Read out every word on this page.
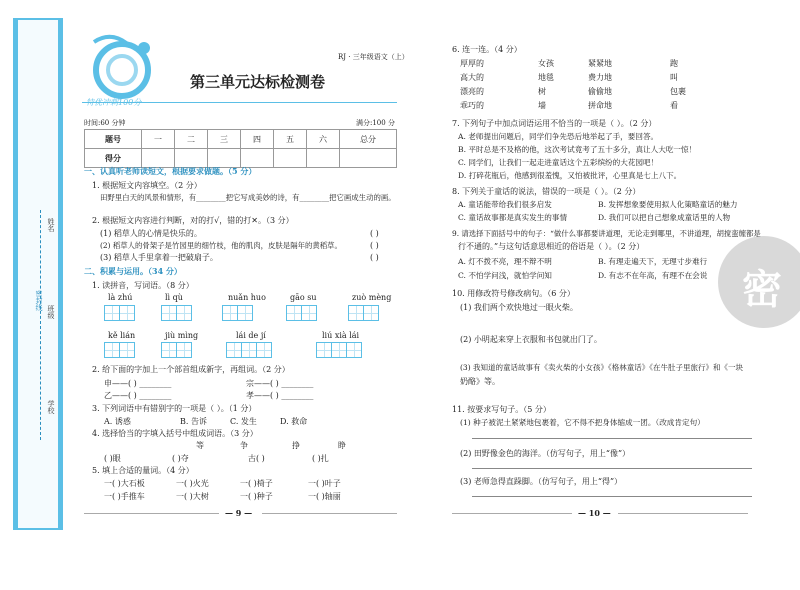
姓名
班级
学校
密封线
RJ · 三年级语文（上）
第三单元达标检测卷
特优冲刺100分
时间:60 分钟	满分:100 分
题号	一	二	三	四	五	六	总分
得分							
一、认真听老师读短文，根据要求做题。（5 分）
1. 根据短文内容填空。（2 分）
田野里白天的风景和情形，有________把它写成美妙的诗，有________把它画成生动的画。
2. 根据短文内容进行判断，对的打√，错的打✕。（3 分）
(1) 稻草人的心情是快乐的。
(2) 稻草人的骨架子是竹园里的细竹枝，他的肌肉，皮肤是隔年的黄稻草。
(3) 稻草人手里拿着一把破扇子。
( )
( )
( )
二、积累与运用。（34 分）
1. 读拼音，写词语。（8 分）
là zhú	lì qù	nuǎn huo	gāo su	zuò mèng
kě lián	jiù mìng	lái de jí	liú xià lái
2. 给下面的字加上一个部首组成新字，再组词。（2 分）
申——( ) ________	宗——( ) ________
乙——( ) ________	孝——( ) ________
3. 下列词语中有错别字的一项是（ ）。（1 分）
A. 诱惑	B. 告诉	C. 发生	D. 救命
4. 选择恰当的字填入括号中组成词语。（3 分）
等	争	挣	睁
( )眼	( )夺	古( )	( )扎
5. 填上合适的量词。（4 分）
一( )大石板	一( )火光	一( )椅子	一( )叶子
一( )手推车	一( )大树	一( )种子	一( )轴丽
— 9 —
6. 连一连。（4 分）
厚厚的	女孩	紧紧地	跑
高大的	地毯	费力地	叫
漂亮的	树	偷偷地	包裹
乖巧的	墙	拼命地	看
7. 下列句子中加点词语运用不恰当的一项是（ ）。（2 分）
A. 老师提出问题后，同学们争先恐后地举起了手，要回答。
B. 平时总是不及格的他，这次考试竟考了五十多分，真让人大吃一惊！
C. 同学们，让我们一起走进童话这个五彩缤纷的大花园吧！
D. 打碎花瓶后，他感到很羞愧，又怕被批评，心里真是七上八下。
8. 下列关于童话的说法，错误的一项是（ ）。（2 分）
A. 童话能带给我们很多启发	B. 发挥想象要使用拟人化策略童话的魅力
C. 童话故事都是真实发生的事情	D. 我们可以把自己想象成童话里的人物
9. 请选择下面括号中的句子：“做什么事都要讲道理，无论走到哪里，不讲道理，胡搅蛮缠都是
行不通的。”与这句话意思相近的俗语是（ ）。（2 分）
A. 灯不拨不亮，理不辩不明	B. 有理走遍天下，无理寸步难行
C. 不怕学问浅，就怕学问知	D. 有志不在年高，有理不在会说
10. 用修改符号修改病句。（6 分）
(1) 我们两个欢快地过一眼火柴。
(2) 小明起来穿上衣服和书包就出门了。
(3) 我知道的童话故事有《卖火柴的小女孩》《格林童话》《在牛肚子里旅行》和《一块
奶酪》等。
11. 按要求写句子。（5 分）
(1) 种子被泥土紧紧地包裹着，它不得不把身体缩成一团。（改成肯定句）
(2) 田野像金色的海洋。（仿写句子，用上“像”）
(3) 老师急得直跺脚。（仿写句子，用上“得”）
— 10 —
密
